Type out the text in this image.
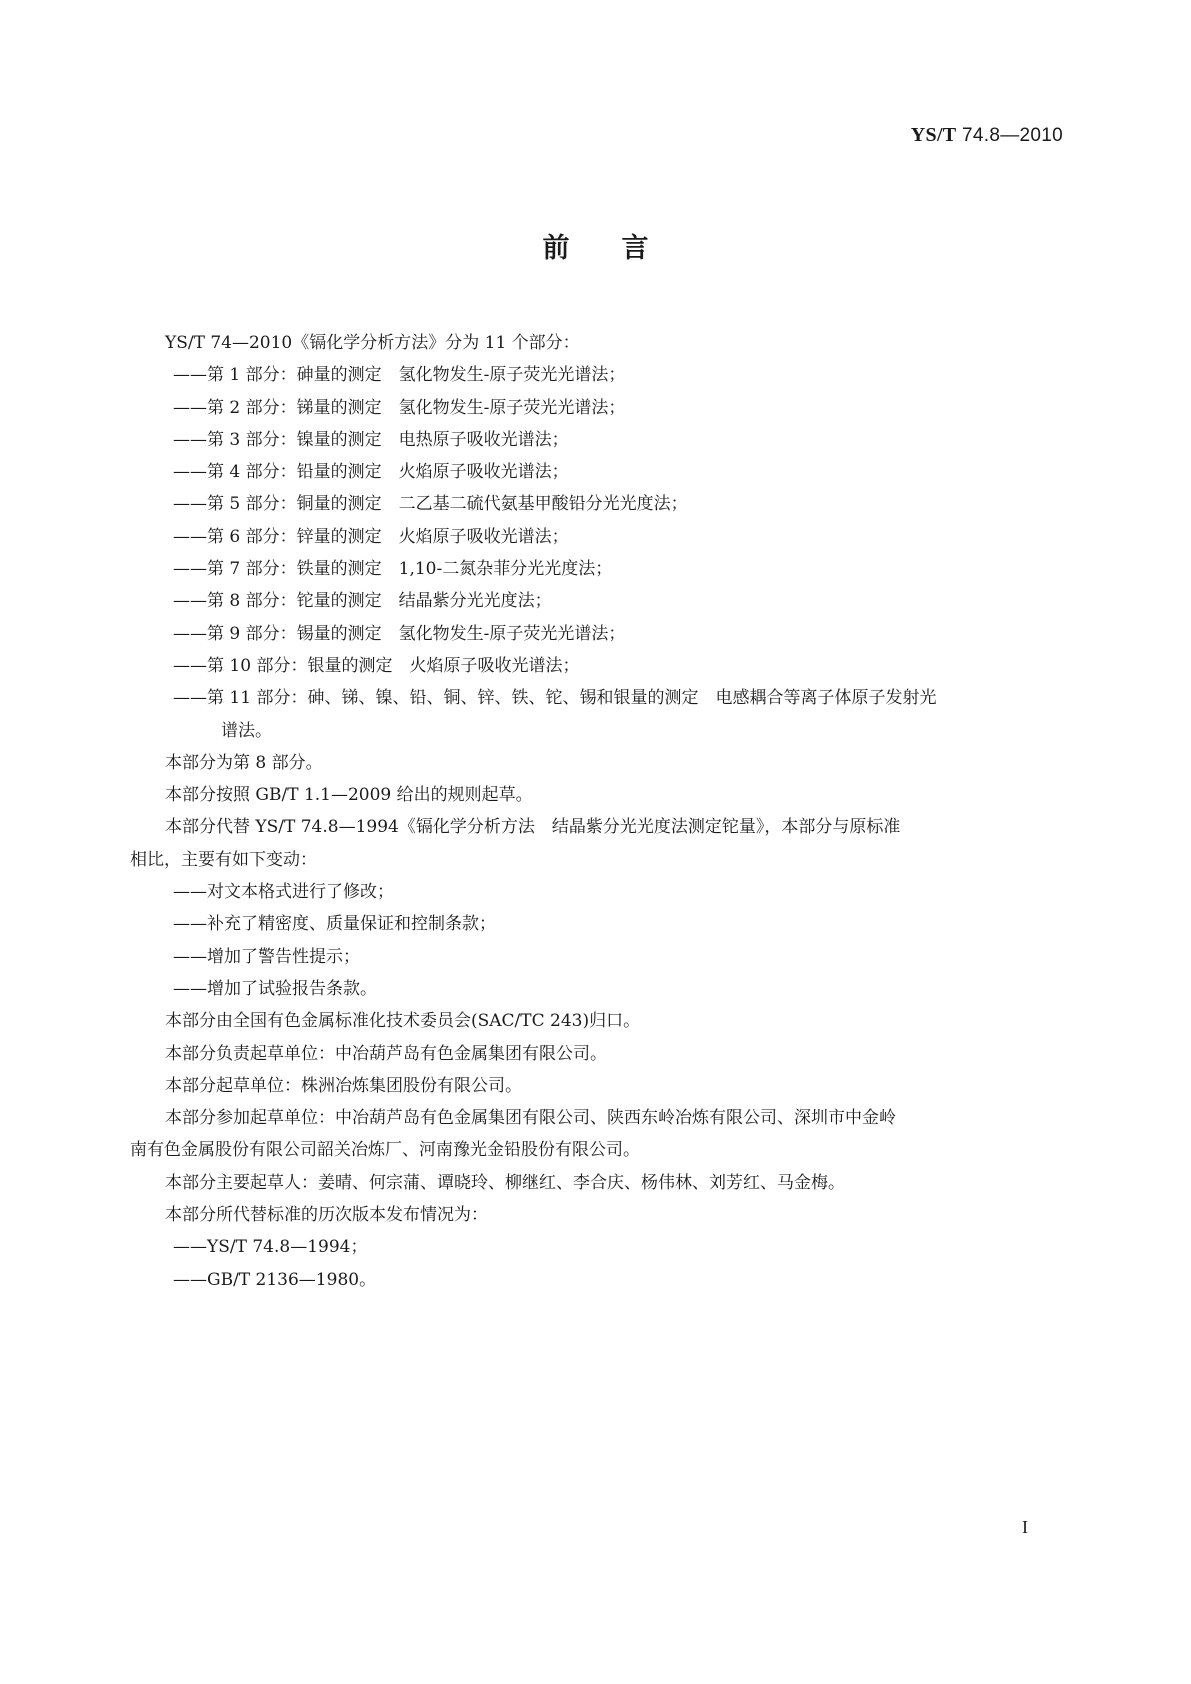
YS/T 74.8—2010
前言
YS/T 74—2010《镉化学分析方法》分为 11 个部分：
——第 1 部分：砷量的测定　氢化物发生-原子荧光光谱法；
——第 2 部分：锑量的测定　氢化物发生-原子荧光光谱法；
——第 3 部分：镍量的测定　电热原子吸收光谱法；
——第 4 部分：铅量的测定　火焰原子吸收光谱法；
——第 5 部分：铜量的测定　二乙基二硫代氨基甲酸铅分光光度法；
——第 6 部分：锌量的测定　火焰原子吸收光谱法；
——第 7 部分：铁量的测定　1,10-二氮杂菲分光光度法；
——第 8 部分：铊量的测定　结晶紫分光光度法；
——第 9 部分：锡量的测定　氢化物发生-原子荧光光谱法；
——第 10 部分：银量的测定　火焰原子吸收光谱法；
——第 11 部分：砷、锑、镍、铅、铜、锌、铁、铊、锡和银量的测定　电感耦合等离子体原子发射光
谱法。
本部分为第 8 部分。
本部分按照 GB/T 1.1—2009 给出的规则起草。
本部分代替 YS/T 74.8—1994《镉化学分析方法　结晶紫分光光度法测定铊量》，本部分与原标准
相比，主要有如下变动：
——对文本格式进行了修改；
——补充了精密度、质量保证和控制条款；
——增加了警告性提示；
——增加了试验报告条款。
本部分由全国有色金属标准化技术委员会(SAC/TC 243)归口。
本部分负责起草单位：中冶葫芦岛有色金属集团有限公司。
本部分起草单位：株洲冶炼集团股份有限公司。
本部分参加起草单位：中冶葫芦岛有色金属集团有限公司、陕西东岭冶炼有限公司、深圳市中金岭
南有色金属股份有限公司韶关冶炼厂、河南豫光金铅股份有限公司。
本部分主要起草人：姜晴、何宗蒲、谭晓玲、柳继红、李合庆、杨伟林、刘芳红、马金梅。
本部分所代替标准的历次版本发布情况为：
——YS/T 74.8—1994；
——GB/T 2136—1980。
I
